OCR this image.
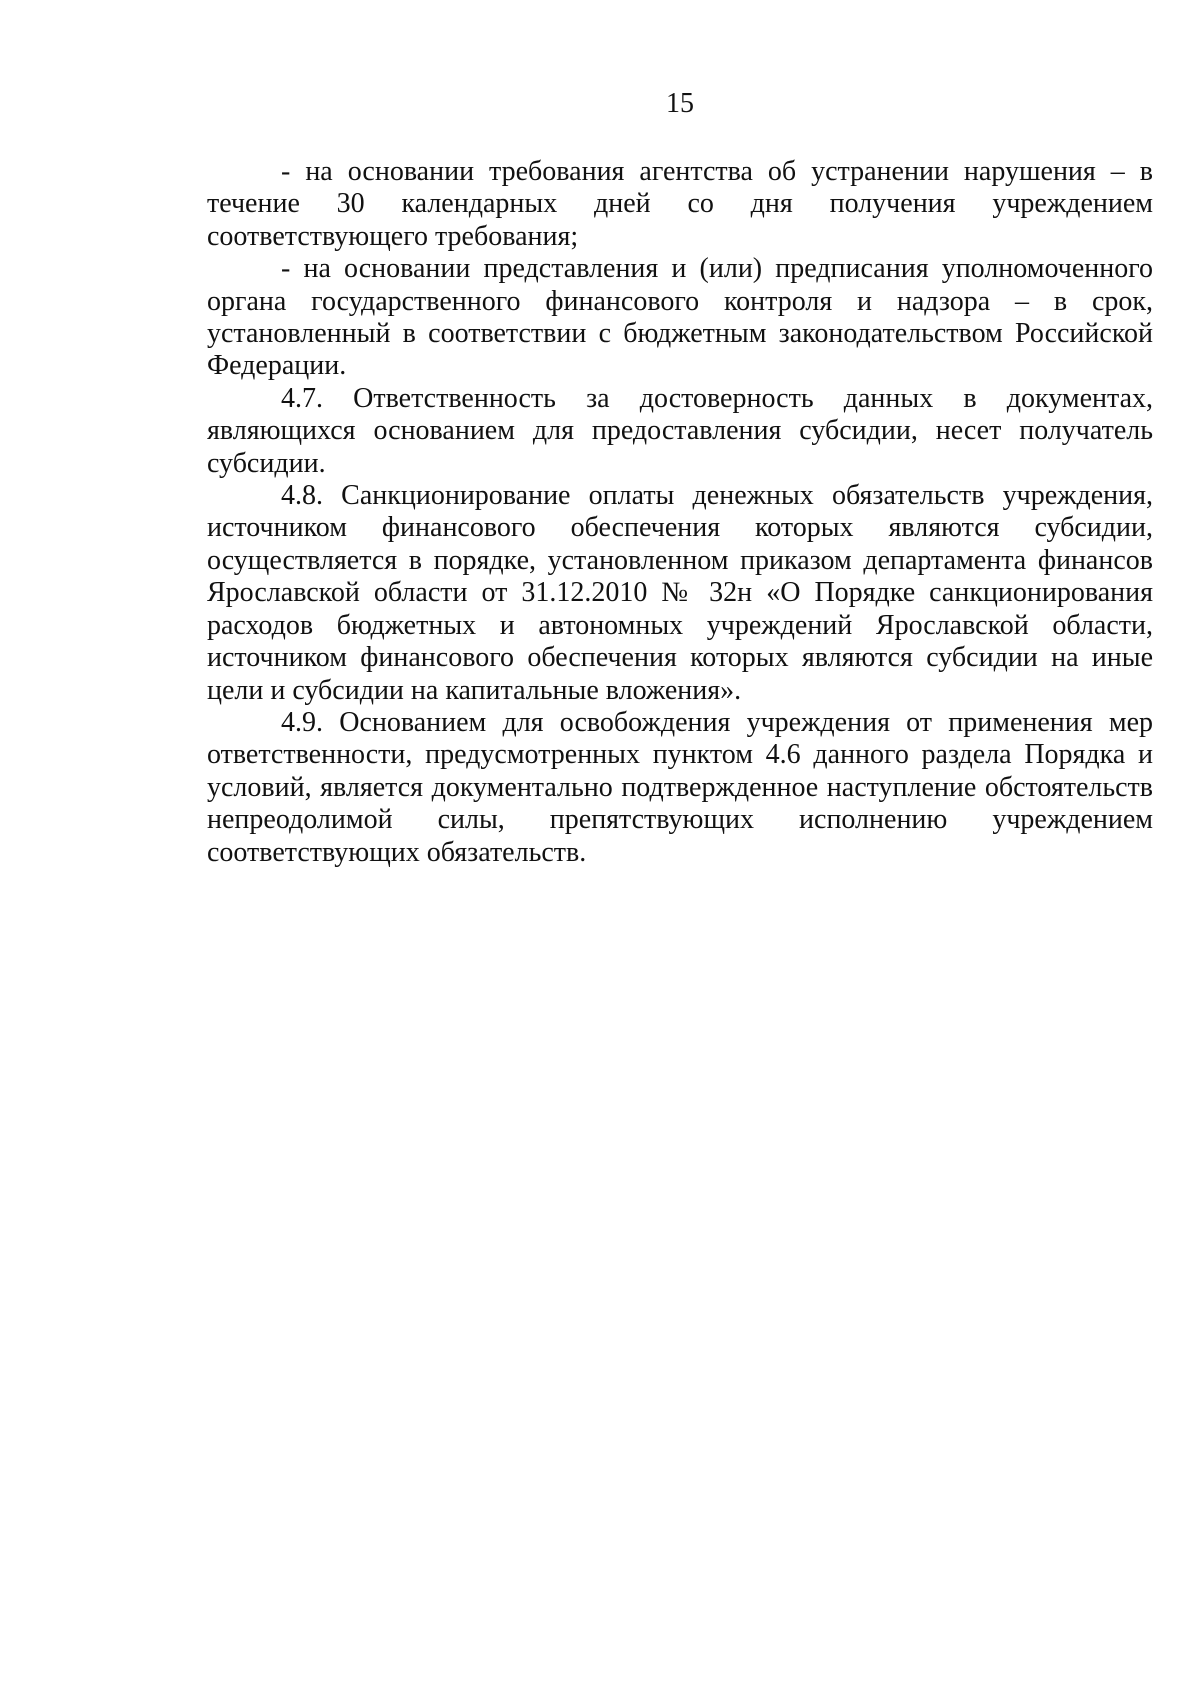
15

- на основании требования агентства об устранении нарушения – в течение 30 календарных дней со дня получения учреждением соответствующего требования;

- на основании представления и (или) предписания уполномоченного органа государственного финансового контроля и надзора – в срок, установленный в соответствии с бюджетным законодательством Российской Федерации.

4.7. Ответственность за достоверность данных в документах, являющихся основанием для предоставления субсидии, несет получатель субсидии.

4.8. Санкционирование оплаты денежных обязательств учреждения, источником финансового обеспечения которых являются субсидии, осуществляется в порядке, установленном приказом департамента финансов Ярославской области от 31.12.2010 № 32н «О Порядке санкционирования расходов бюджетных и автономных учреждений Ярославской области, источником финансового обеспечения которых являются субсидии на иные цели и субсидии на капитальные вложения».

4.9. Основанием для освобождения учреждения от применения мер ответственности, предусмотренных пунктом 4.6 данного раздела Порядка и условий, является документально подтвержденное наступление обстоятельств непреодолимой силы, препятствующих исполнению учреждением соответствующих обязательств.
